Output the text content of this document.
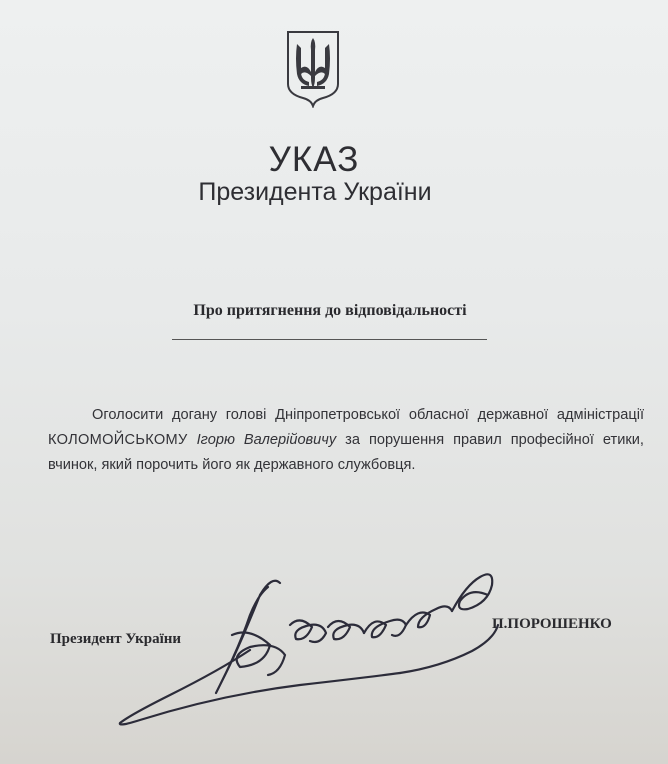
УКАЗ
Президента України
Про притягнення до відповідальності
Оголосити догану голові Дніпропетровської обласної державної адміністрації КОЛОМОЙСЬКОМУ Ігорю Валерійовичу за порушення правил професійної етики, вчинок, який порочить його як державного службовця.
Президент України
П.ПОРОШЕНКО
